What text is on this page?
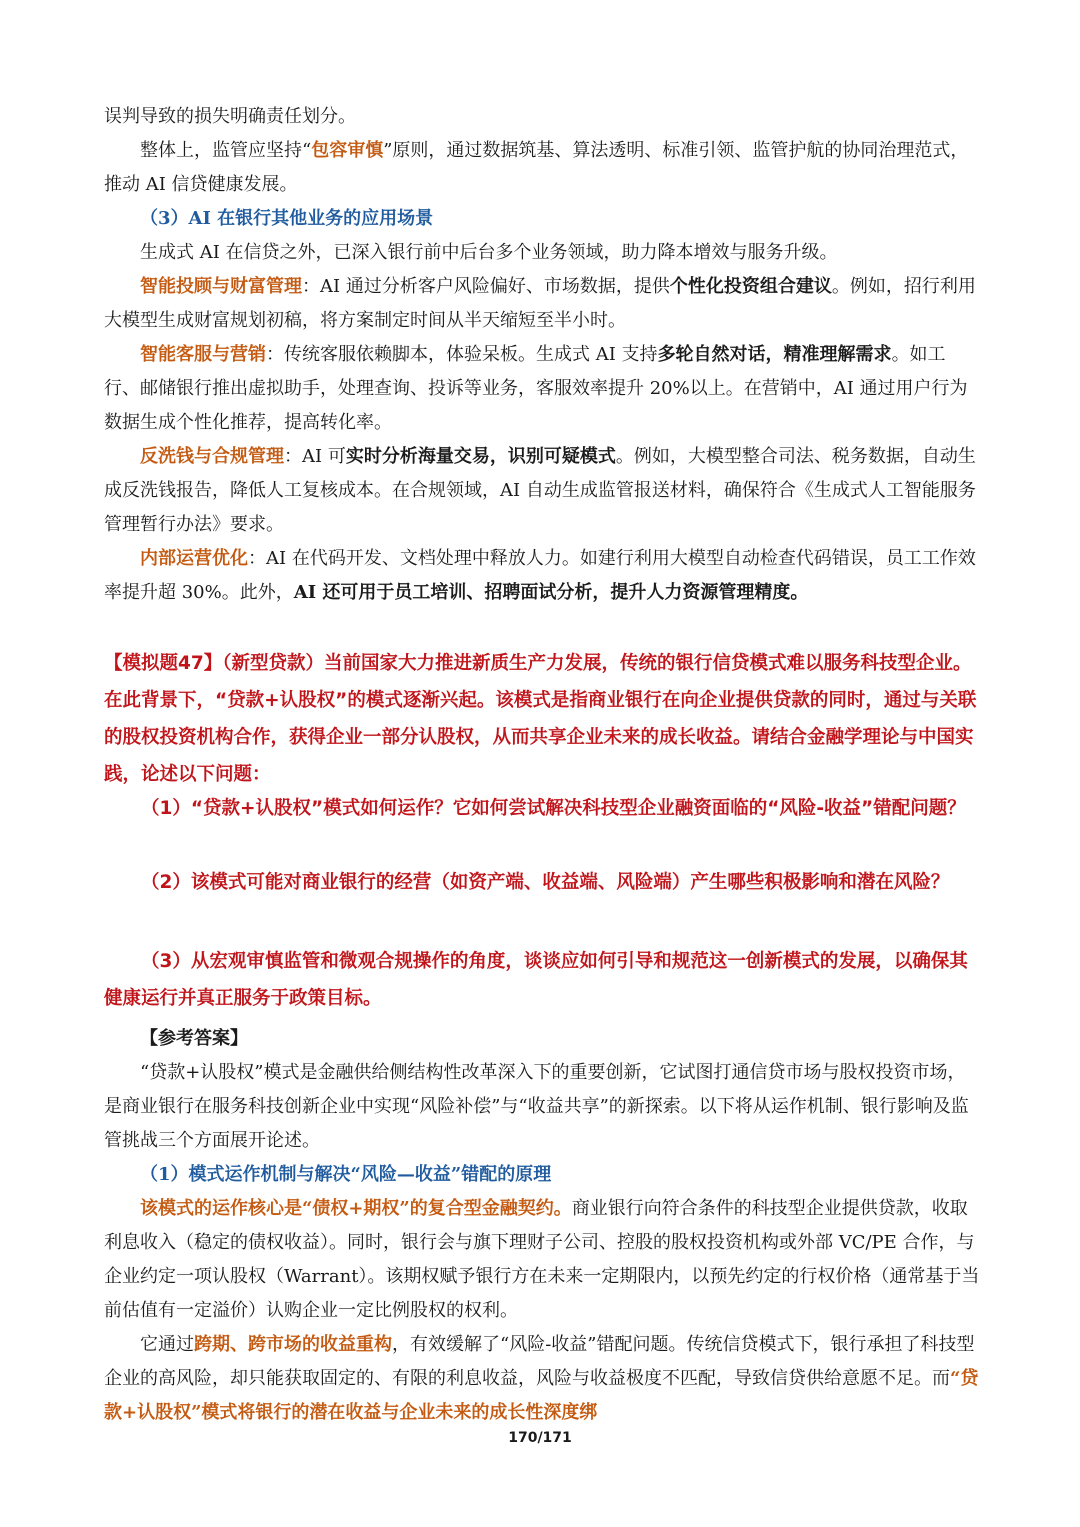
误判导致的损失明确责任划分。
整体上，监管应坚持“包容审慎”原则，通过数据筑基、算法透明、标准引领、监管护航的协同治理范式，推动 AI 信贷健康发展。
（3）AI 在银行其他业务的应用场景
生成式 AI 在信贷之外，已深入银行前中后台多个业务领域，助力降本增效与服务升级。
智能投顾与财富管理：AI 通过分析客户风险偏好、市场数据，提供个性化投资组合建议。例如，招行利用大模型生成财富规划初稿，将方案制定时间从半天缩短至半小时。
智能客服与营销：传统客服依赖脚本，体验呆板。生成式 AI 支持多轮自然对话，精准理解需求。如工行、邮储银行推出虚拟助手，处理查询、投诉等业务，客服效率提升 20%以上。在营销中，AI 通过用户行为数据生成个性化推荐，提高转化率。
反洗钱与合规管理：AI 可实时分析海量交易，识别可疑模式。例如，大模型整合司法、税务数据，自动生成反洗钱报告，降低人工复核成本。在合规领域，AI 自动生成监管报送材料，确保符合《生成式人工智能服务管理暂行办法》要求。
内部运营优化：AI 在代码开发、文档处理中释放人力。如建行利用大模型自动检查代码错误，员工工作效率提升超 30%。此外，AI 还可用于员工培训、招聘面试分析，提升人力资源管理精度。
【模拟题47】（新型贷款）当前国家大力推进新质生产力发展，传统的银行信贷模式难以服务科技型企业。在此背景下，“贷款+认股权”的模式逐渐兴起。该模式是指商业银行在向企业提供贷款的同时，通过与关联的股权投资机构合作，获得企业一部分认股权，从而共享企业未来的成长收益。请结合金融学理论与中国实践，论述以下问题：
（1）“贷款+认股权”模式如何运作？它如何尝试解决科技型企业融资面临的“风险-收益”错配问题？
（2）该模式可能对商业银行的经营（如资产端、收益端、风险端）产生哪些积极影响和潜在风险？
（3）从宏观审慎监管和微观合规操作的角度，谈谈应如何引导和规范这一创新模式的发展，以确保其健康运行并真正服务于政策目标。
【参考答案】
“贷款+认股权”模式是金融供给侧结构性改革深入下的重要创新，它试图打通信贷市场与股权投资市场，是商业银行在服务科技创新企业中实现“风险补偿”与“收益共享”的新探索。以下将从运作机制、银行影响及监管挑战三个方面展开论述。
（1）模式运作机制与解决“风险—收益”错配的原理
该模式的运作核心是“债权+期权”的复合型金融契约。商业银行向符合条件的科技型企业提供贷款，收取利息收入（稳定的债权收益）。同时，银行会与旗下理财子公司、控股的股权投资机构或外部 VC/PE 合作，与企业约定一项认股权（Warrant）。该期权赋予银行方在未来一定期限内，以预先约定的行权价格（通常基于当前估值有一定溢价）认购企业一定比例股权的权利。
它通过跨期、跨市场的收益重构，有效缓解了“风险-收益”错配问题。传统信贷模式下，银行承担了科技型企业的高风险，却只能获取固定的、有限的利息收益，风险与收益极度不匹配，导致信贷供给意愿不足。而“贷款+认股权”模式将银行的潜在收益与企业未来的成长性深度绑
170/171
